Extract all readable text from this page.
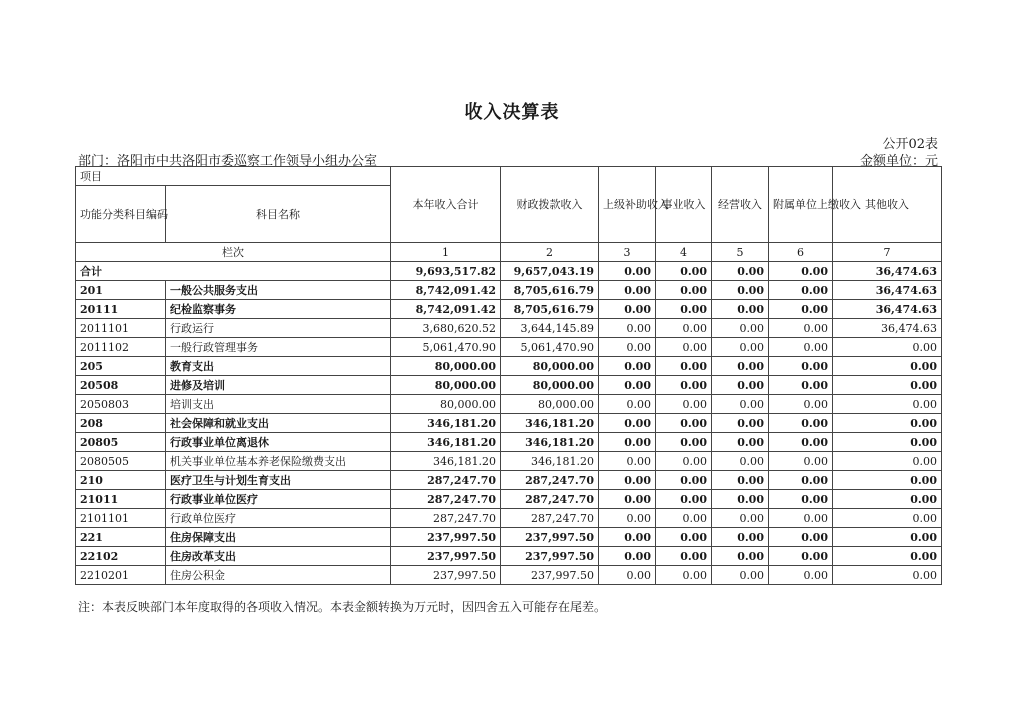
收入决算表
公开02表
部门：洛阳市中共洛阳市委巡察工作领导小组办公室	金额单位：元
项目		本年收入合计	财政拨款收入	上级补助收入	事业收入	经营收入	附属单位上缴收入	其他收入
功能分类科目编码	科目名称							

栏次		1	2	3	4	5	6	7
合计		9,693,517.82	9,657,043.19	0.00	0.00	0.00	0.00	36,474.63
201	一般公共服务支出	8,742,091.42	8,705,616.79	0.00	0.00	0.00	0.00	36,474.63
20111	纪检监察事务	8,742,091.42	8,705,616.79	0.00	0.00	0.00	0.00	36,474.63
2011101	行政运行	3,680,620.52	3,644,145.89	0.00	0.00	0.00	0.00	36,474.63
2011102	一般行政管理事务	5,061,470.90	5,061,470.90	0.00	0.00	0.00	0.00	0.00
205	教育支出	80,000.00	80,000.00	0.00	0.00	0.00	0.00	0.00
20508	进修及培训	80,000.00	80,000.00	0.00	0.00	0.00	0.00	0.00
2050803	培训支出	80,000.00	80,000.00	0.00	0.00	0.00	0.00	0.00
208	社会保障和就业支出	346,181.20	346,181.20	0.00	0.00	0.00	0.00	0.00
20805	行政事业单位离退休	346,181.20	346,181.20	0.00	0.00	0.00	0.00	0.00
2080505	机关事业单位基本养老保险缴费支出	346,181.20	346,181.20	0.00	0.00	0.00	0.00	0.00
210	医疗卫生与计划生育支出	287,247.70	287,247.70	0.00	0.00	0.00	0.00	0.00
21011	行政事业单位医疗	287,247.70	287,247.70	0.00	0.00	0.00	0.00	0.00
2101101	行政单位医疗	287,247.70	287,247.70	0.00	0.00	0.00	0.00	0.00
221	住房保障支出	237,997.50	237,997.50	0.00	0.00	0.00	0.00	0.00
22102	住房改革支出	237,997.50	237,997.50	0.00	0.00	0.00	0.00	0.00
2210201	住房公积金	237,997.50	237,997.50	0.00	0.00	0.00	0.00	0.00
注：本表反映部门本年度取得的各项收入情况。本表金额转换为万元时，因四舍五入可能存在尾差。
